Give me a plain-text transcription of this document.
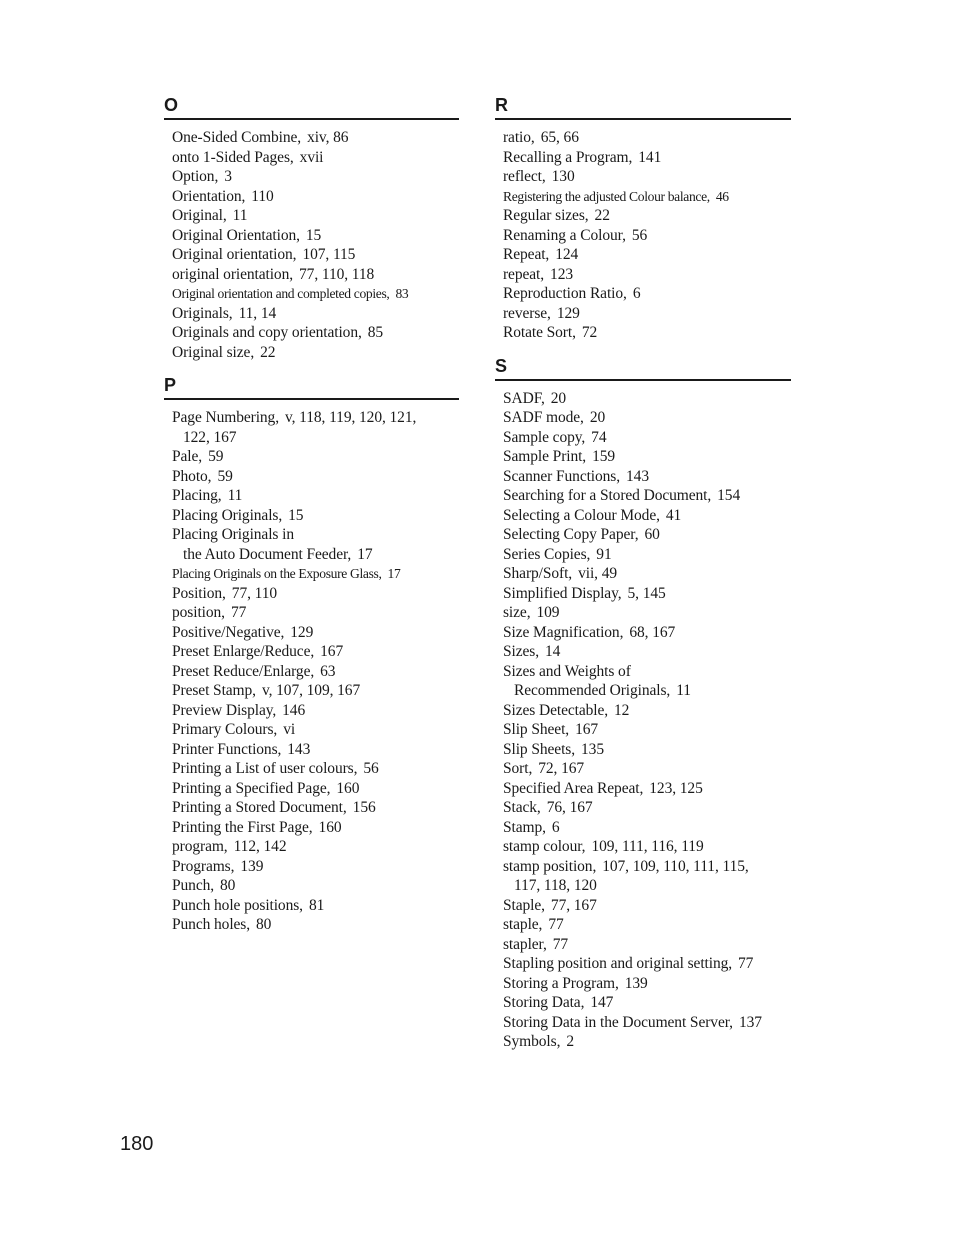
O
One-Sided Combine, xiv, 86
onto 1-Sided Pages, xvii
Option, 3
Orientation, 110
Original, 11
Original Orientation, 15
Original orientation, 107, 115
original orientation, 77, 110, 118
Original orientation and completed copies, 83
Originals, 11, 14
Originals and copy orientation, 85
Original size, 22
P
Page Numbering, v, 118, 119, 120, 121,
122, 167
Pale, 59
Photo, 59
Placing, 11
Placing Originals, 15
Placing Originals in
the Auto Document Feeder, 17
Placing Originals on the Exposure Glass, 17
Position, 77, 110
position, 77
Positive/Negative, 129
Preset Enlarge/Reduce, 167
Preset Reduce/Enlarge, 63
Preset Stamp, v, 107, 109, 167
Preview Display, 146
Primary Colours, vi
Printer Functions, 143
Printing a List of user colours, 56
Printing a Specified Page, 160
Printing a Stored Document, 156
Printing the First Page, 160
program, 112, 142
Programs, 139
Punch, 80
Punch hole positions, 81
Punch holes, 80
R
ratio, 65, 66
Recalling a Program, 141
reflect, 130
Registering the adjusted Colour balance, 46
Regular sizes, 22
Renaming a Colour, 56
Repeat, 124
repeat, 123
Reproduction Ratio, 6
reverse, 129
Rotate Sort, 72
S
SADF, 20
SADF mode, 20
Sample copy, 74
Sample Print, 159
Scanner Functions, 143
Searching for a Stored Document, 154
Selecting a Colour Mode, 41
Selecting Copy Paper, 60
Series Copies, 91
Sharp/Soft, vii, 49
Simplified Display, 5, 145
size, 109
Size Magnification, 68, 167
Sizes, 14
Sizes and Weights of
Recommended Originals, 11
Sizes Detectable, 12
Slip Sheet, 167
Slip Sheets, 135
Sort, 72, 167
Specified Area Repeat, 123, 125
Stack, 76, 167
Stamp, 6
stamp colour, 109, 111, 116, 119
stamp position, 107, 109, 110, 111, 115,
117, 118, 120
Staple, 77, 167
staple, 77
stapler, 77
Stapling position and original setting, 77
Storing a Program, 139
Storing Data, 147
Storing Data in the Document Server, 137
Symbols, 2
180
